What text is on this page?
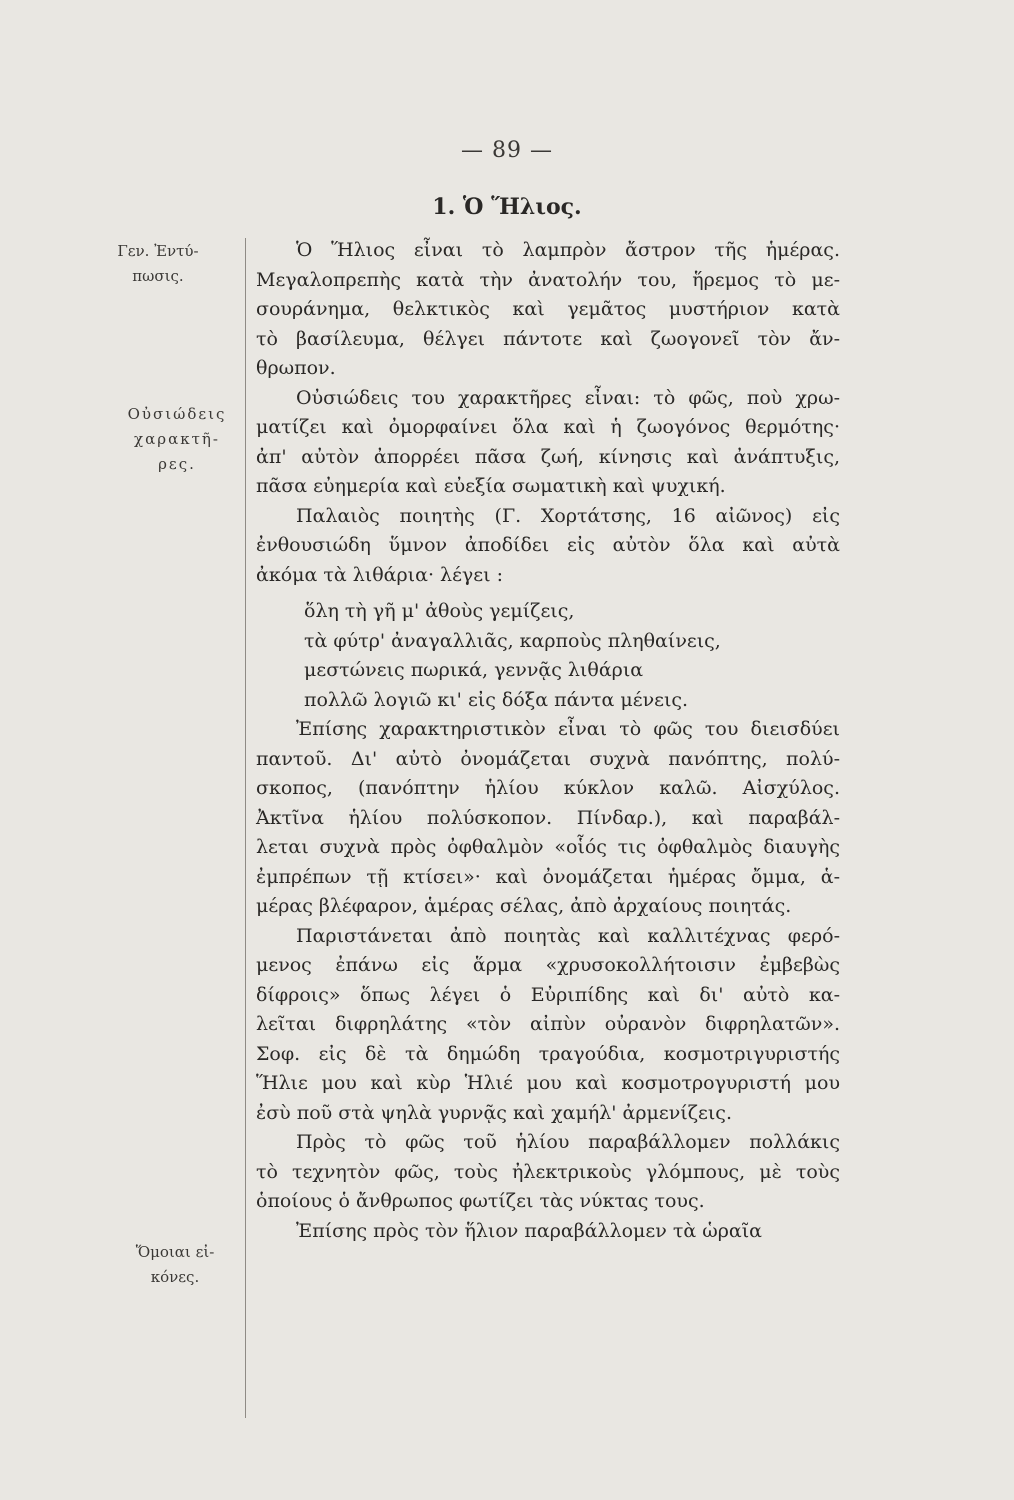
— 89 —
1. Ὁ Ἥλιος.
Γεν. Ἐντύ-
πωσις.
Οὐσιώδεις
χαρακτῆ-
ρες.
Ὅμοιαι εἰ-
κόνες.
Ὁ Ἥλιος εἶναι τὸ λαμπρὸν ἄστρον τῆς ἡμέρας.
Μεγαλοπρεπὴς κατὰ τὴν ἀνατολήν του, ἥρεμος τὸ με-
σουράνημα, θελκτικὸς καὶ γεμᾶτος μυστήριον κατὰ
τὸ βασίλευμα, θέλγει πάντοτε καὶ ζωογονεῖ τὸν ἄν-
θρωπον.
Οὐσιώδεις του χαρακτῆρες εἶναι: τὸ φῶς, ποὺ χρω-
ματίζει καὶ ὀμορφαίνει ὅλα καὶ ἡ ζωογόνος θερμότης·
ἀπ' αὐτὸν ἀπορρέει πᾶσα ζωή, κίνησις καὶ ἀνάπτυξις,
πᾶσα εὐημερία καὶ εὐεξία σωματικὴ καὶ ψυχική.
Παλαιὸς ποιητὴς (Γ. Χορτάτσης, 16 αἰῶνος) εἰς
ἐνθουσιώδη ὕμνον ἀποδίδει εἰς αὐτὸν ὅλα καὶ αὐτὰ
ἀκόμα τὰ λιθάρια· λέγει :
ὅλη τὴ γῆ μ' ἀθοὺς γεμίζεις,
τὰ φύτρ' ἀναγαλλιᾶς, καρποὺς πληθαίνεις,
μεστώνεις πωρικά, γεννᾷς λιθάρια
πολλῶ λογιῶ κι' εἰς δόξα πάντα μένεις.
Ἐπίσης χαρακτηριστικὸν εἶναι τὸ φῶς του διεισδύει
παντοῦ. Δι' αὐτὸ ὀνομάζεται συχνὰ πανόπτης, πολύ-
σκοπος, (πανόπτην ἡλίου κύκλον καλῶ. Αἰσχύλος.
Ἀκτῖνα ἡλίου πολύσκοπον. Πίνδαρ.), καὶ παραβάλ-
λεται συχνὰ πρὸς ὀφθαλμὸν «οἷός τις ὀφθαλμὸς διαυγὴς
ἐμπρέπων τῇ κτίσει»· καὶ ὀνομάζεται ἡμέρας ὄμμα, ἁ-
μέρας βλέφαρον, ἁμέρας σέλας, ἀπὸ ἀρχαίους ποιητάς.
Παριστάνεται ἀπὸ ποιητὰς καὶ καλλιτέχνας φερό-
μενος ἐπάνω εἰς ἅρμα «χρυσοκολλήτοισιν ἐμβεβὼς
δίφροις» ὅπως λέγει ὁ Εὐριπίδης καὶ δι' αὐτὸ κα-
λεῖται διφρηλάτης «τὸν αἰπὺν οὐρανὸν διφρηλατῶν».
Σοφ. εἰς δὲ τὰ δημώδη τραγούδια, κοσμοτριγυριστής
Ἥλιε μου καὶ κὺρ Ἡλιέ μου καὶ κοσμοτρογυριστή μου
ἐσὺ ποῦ στὰ ψηλὰ γυρνᾷς καὶ χαμήλ' ἀρμενίζεις.
Πρὸς τὸ φῶς τοῦ ἡλίου παραβάλλομεν πολλάκις
τὸ τεχνητὸν φῶς, τοὺς ἠλεκτρικοὺς γλόμπους, μὲ τοὺς
ὁποίους ὁ ἄνθρωπος φωτίζει τὰς νύκτας τους.
Ἐπίσης πρὸς τὸν ἥλιον παραβάλλομεν τὰ ὡραῖα
